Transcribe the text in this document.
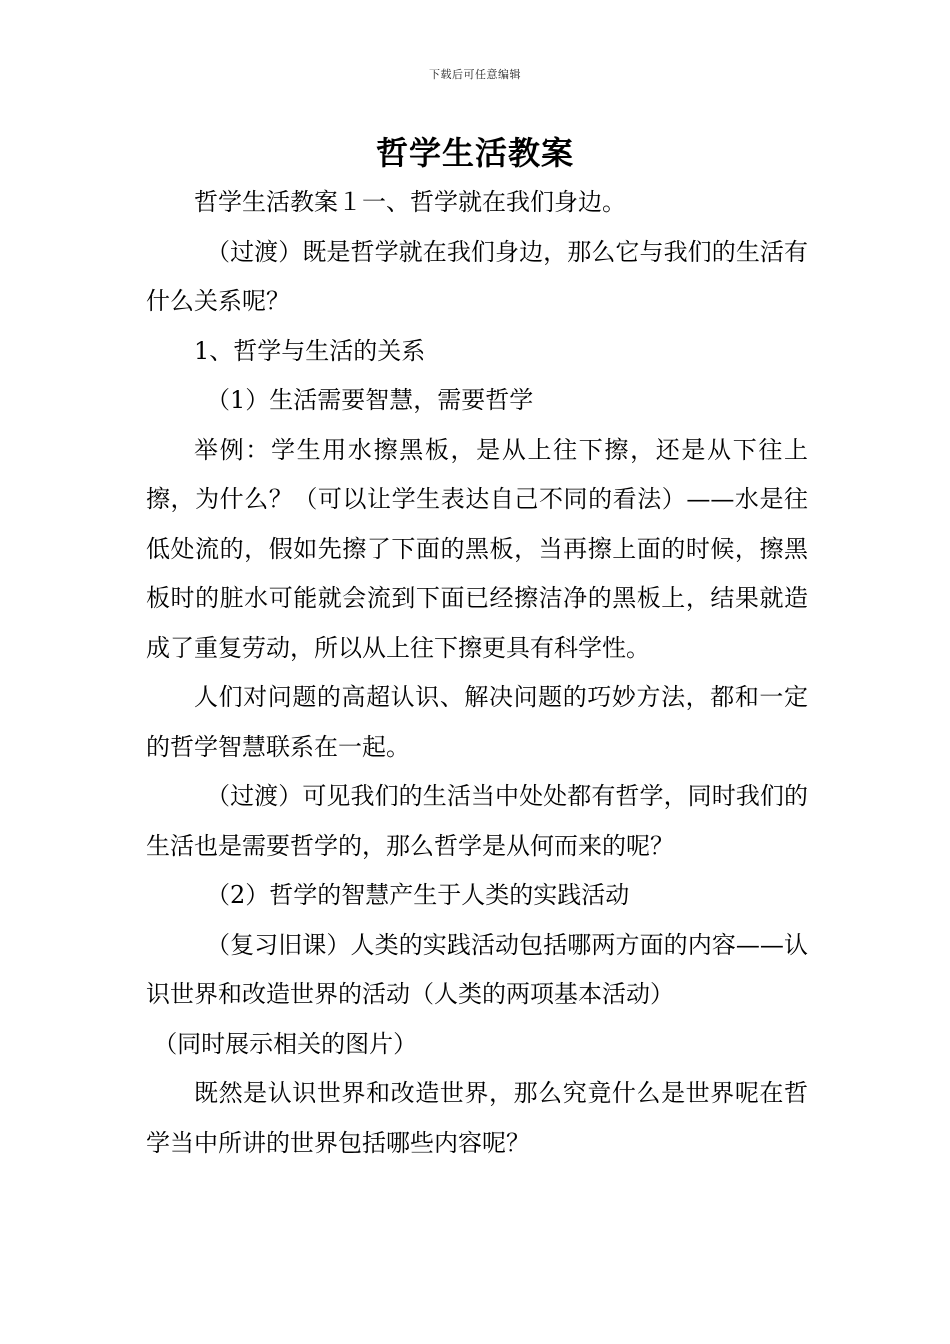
下载后可任意编辑
哲学生活教案

哲学生活教案１一、哲学就在我们身边。

（过渡）既是哲学就在我们身边，那么它与我们的生活有什么关系呢？

1、哲学与生活的关系

（1）生活需要智慧，需要哲学

举例：学生用水擦黑板，是从上往下擦，还是从下往上擦，为什么？（可以让学生表达自己不同的看法）——水是往低处流的，假如先擦了下面的黑板，当再擦上面的时候，擦黑板时的脏水可能就会流到下面已经擦洁净的黑板上，结果就造成了重复劳动，所以从上往下擦更具有科学性。

人们对问题的高超认识、解决问题的巧妙方法，都和一定的哲学智慧联系在一起。

（过渡）可见我们的生活当中处处都有哲学，同时我们的生活也是需要哲学的，那么哲学是从何而来的呢？

（2）哲学的智慧产生于人类的实践活动

（复习旧课）人类的实践活动包括哪两方面的内容——认识世界和改造世界的活动（人类的两项基本活动）

（同时展示相关的图片）

既然是认识世界和改造世界，那么究竟什么是世界呢在哲学当中所讲的世界包括哪些内容呢？
